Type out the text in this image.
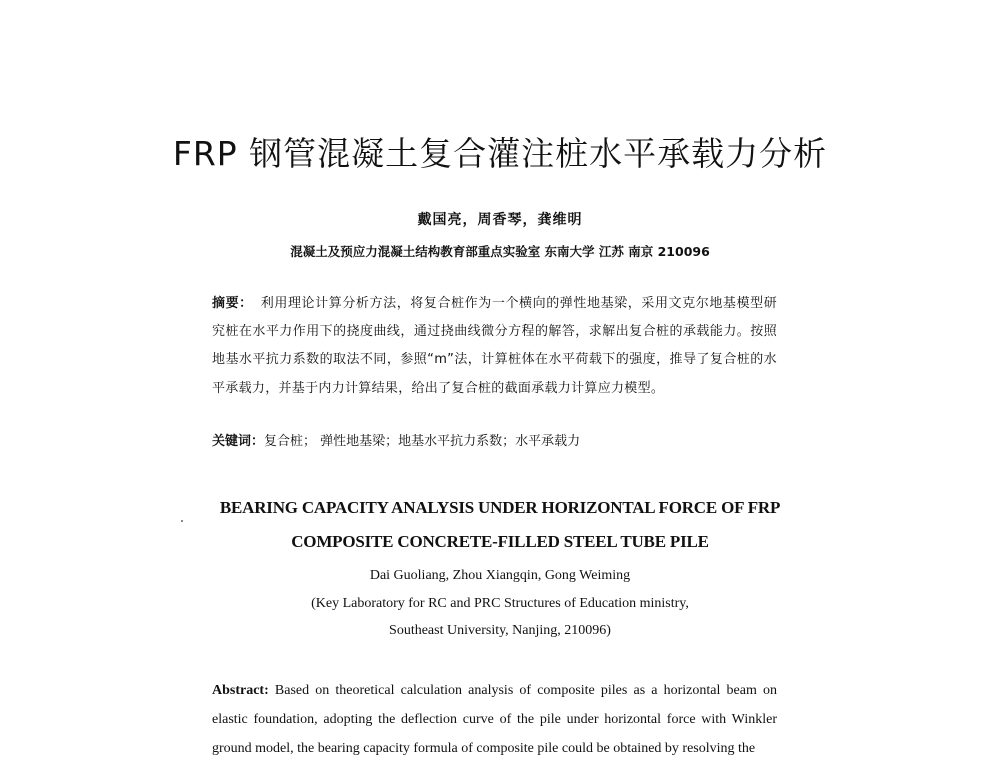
FRP 钢管混凝土复合灌注桩水平承载力分析
戴国亮，周香琴，龚维明
混凝土及预应力混凝土结构教育部重点实验室 东南大学 江苏 南京 210096
摘要： 利用理论计算分析方法，将复合桩作为一个横向的弹性地基梁，采用文克尔地基模型研究桩在水平力作用下的挠度曲线，通过挠曲线微分方程的解答，求解出复合桩的承载能力。按照地基水平抗力系数的取法不同，参照“m”法，计算桩体在水平荷载下的强度，推导了复合桩的水平承载力，并基于内力计算结果，给出了复合桩的截面承载力计算应力模型。
关键词：复合桩； 弹性地基梁；地基水平抗力系数；水平承载力
BEARING CAPACITY ANALYSIS UNDER HORIZONTAL FORCE OF FRP
COMPOSITE CONCRETE-FILLED STEEL TUBE PILE
Dai Guoliang, Zhou Xiangqin, Gong Weiming
(Key Laboratory for RC and PRC Structures of Education ministry,
Southeast University, Nanjing, 210096)
Abstract: Based on theoretical calculation analysis of composite piles as a horizontal beam on elastic foundation, adopting the deflection curve of the pile under horizontal force with Winkler ground model, the bearing capacity formula of composite pile could be obtained by resolving the
